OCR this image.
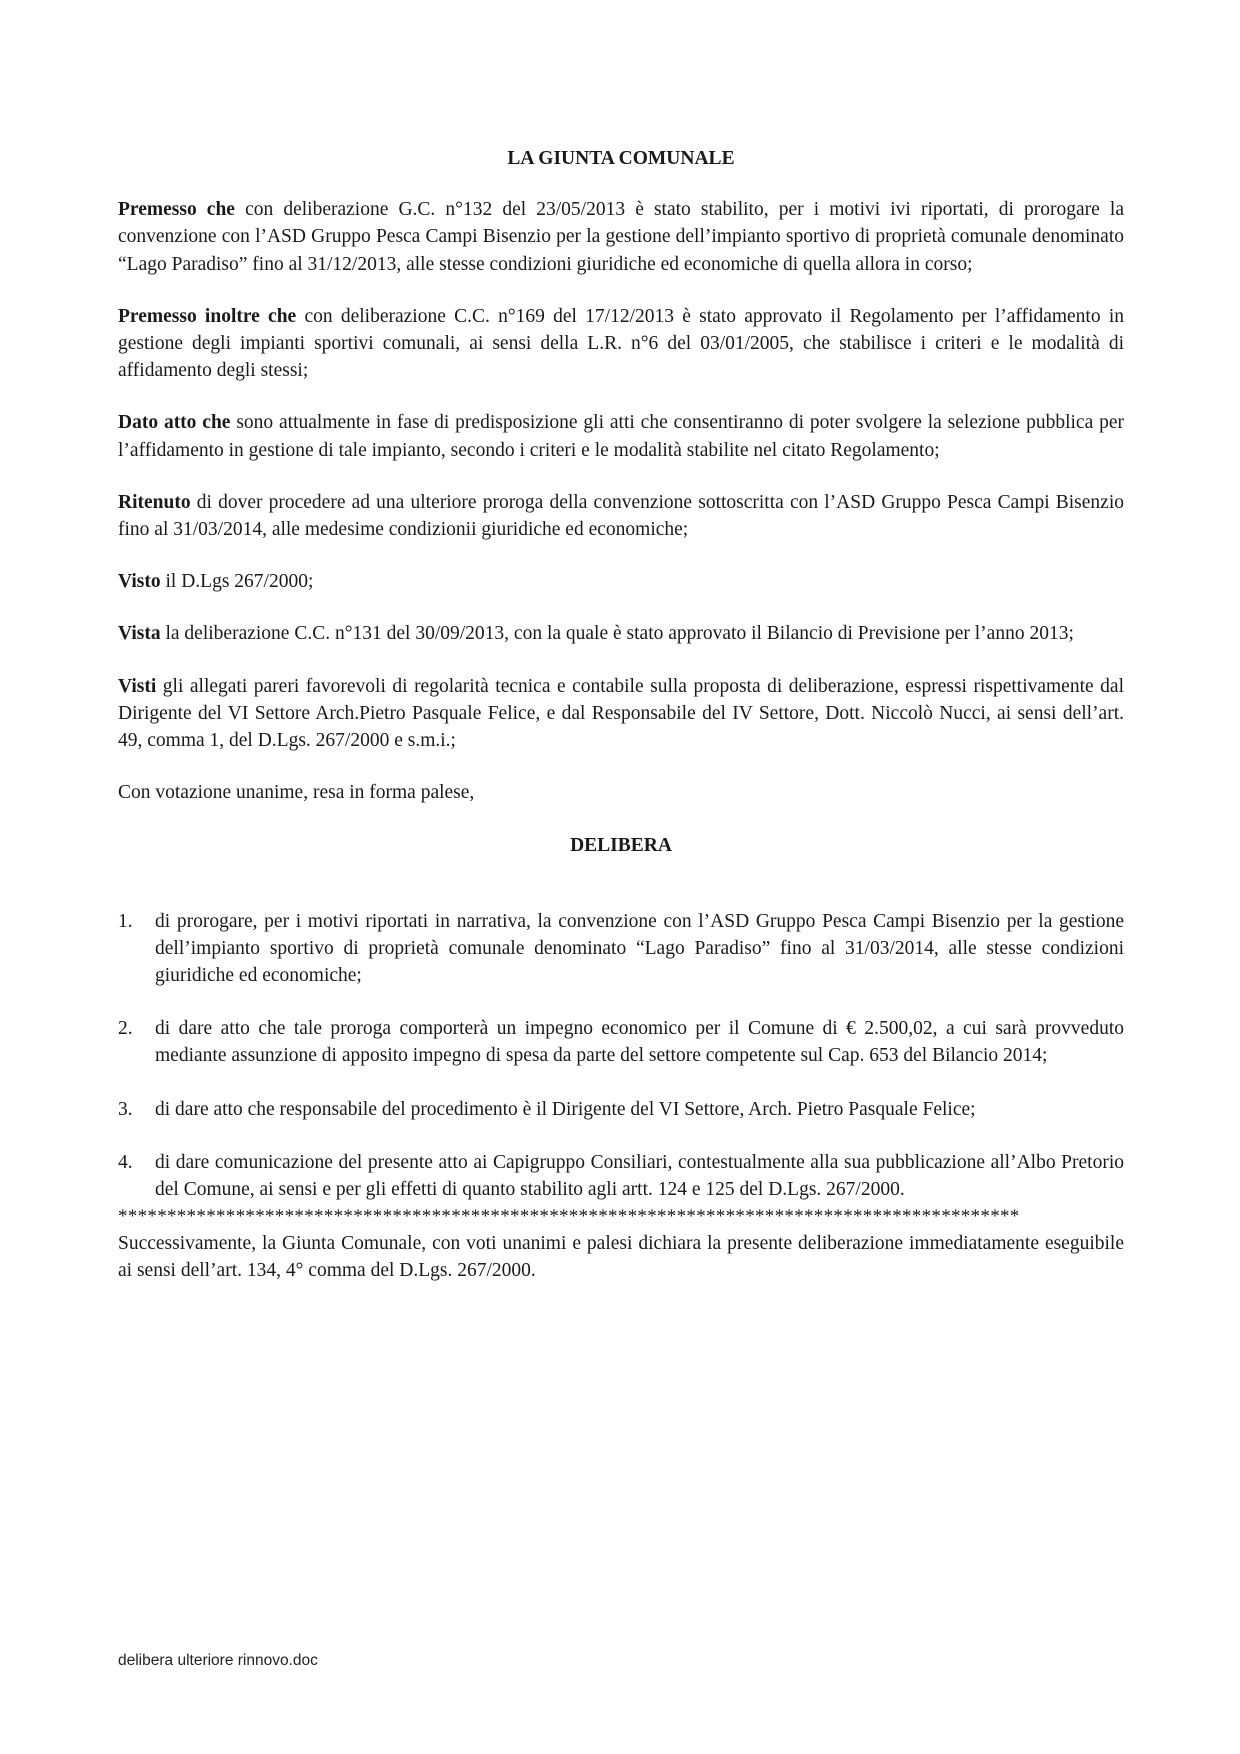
LA GIUNTA COMUNALE

Premesso che con deliberazione G.C. n°132 del 23/05/2013 è stato stabilito, per i motivi ivi riportati, di prorogare la convenzione con l’ASD Gruppo Pesca Campi Bisenzio per la gestione dell’impianto sportivo di proprietà comunale denominato “Lago Paradiso” fino al 31/12/2013, alle stesse condizioni giuridiche ed economiche di quella allora in corso;

Premesso inoltre che con deliberazione C.C. n°169 del 17/12/2013 è stato approvato il Regolamento per l’affidamento in gestione degli impianti sportivi comunali, ai sensi della L.R. n°6 del 03/01/2005, che stabilisce i criteri e le modalità di affidamento degli stessi;

Dato atto che sono attualmente in fase di predisposizione gli atti che consentiranno di poter svolgere la selezione pubblica per l’affidamento in gestione di tale impianto, secondo i criteri e le modalità stabilite nel citato Regolamento;

Ritenuto di dover procedere ad una ulteriore proroga della convenzione sottoscritta con l’ASD Gruppo Pesca Campi Bisenzio fino al 31/03/2014, alle medesime condizionii giuridiche ed economiche;

Visto il D.Lgs 267/2000;

Vista la deliberazione C.C. n°131 del 30/09/2013, con la quale è stato approvato il Bilancio di Previsione per l’anno 2013;

Visti gli allegati pareri favorevoli di regolarità tecnica e contabile sulla proposta di deliberazione, espressi rispettivamente dal Dirigente del VI Settore Arch.Pietro Pasquale Felice, e dal Responsabile del IV Settore, Dott. Niccolò Nucci, ai sensi dell’art. 49, comma 1, del D.Lgs. 267/2000 e s.m.i.;

Con votazione unanime, resa in forma palese,

DELIBERA
1. di prorogare, per i motivi riportati in narrativa, la convenzione con l’ASD Gruppo Pesca Campi Bisenzio per la gestione dell’impianto sportivo di proprietà comunale denominato “Lago Paradiso” fino al 31/03/2014, alle stesse condizioni giuridiche ed economiche;
2. di dare atto che tale proroga comporterà un impegno economico per il Comune di € 2.500,02, a cui sarà provveduto mediante assunzione di apposito impegno di spesa da parte del settore competente sul Cap. 653 del Bilancio 2014;
3. di dare atto che responsabile del procedimento è il Dirigente del VI Settore, Arch. Pietro Pasquale Felice;
4. di dare comunicazione del presente atto ai Capigruppo Consiliari, contestualmente alla sua pubblicazione all’Albo Pretorio del Comune, ai sensi e per gli effetti di quanto stabilito agli artt. 124 e 125 del D.Lgs. 267/2000.
********************************************************************************************

Successivamente, la Giunta Comunale, con voti unanimi e palesi dichiara la presente deliberazione immediatamente eseguibile ai sensi dell’art. 134, 4° comma del D.Lgs. 267/2000.

delibera ulteriore rinnovo.doc
